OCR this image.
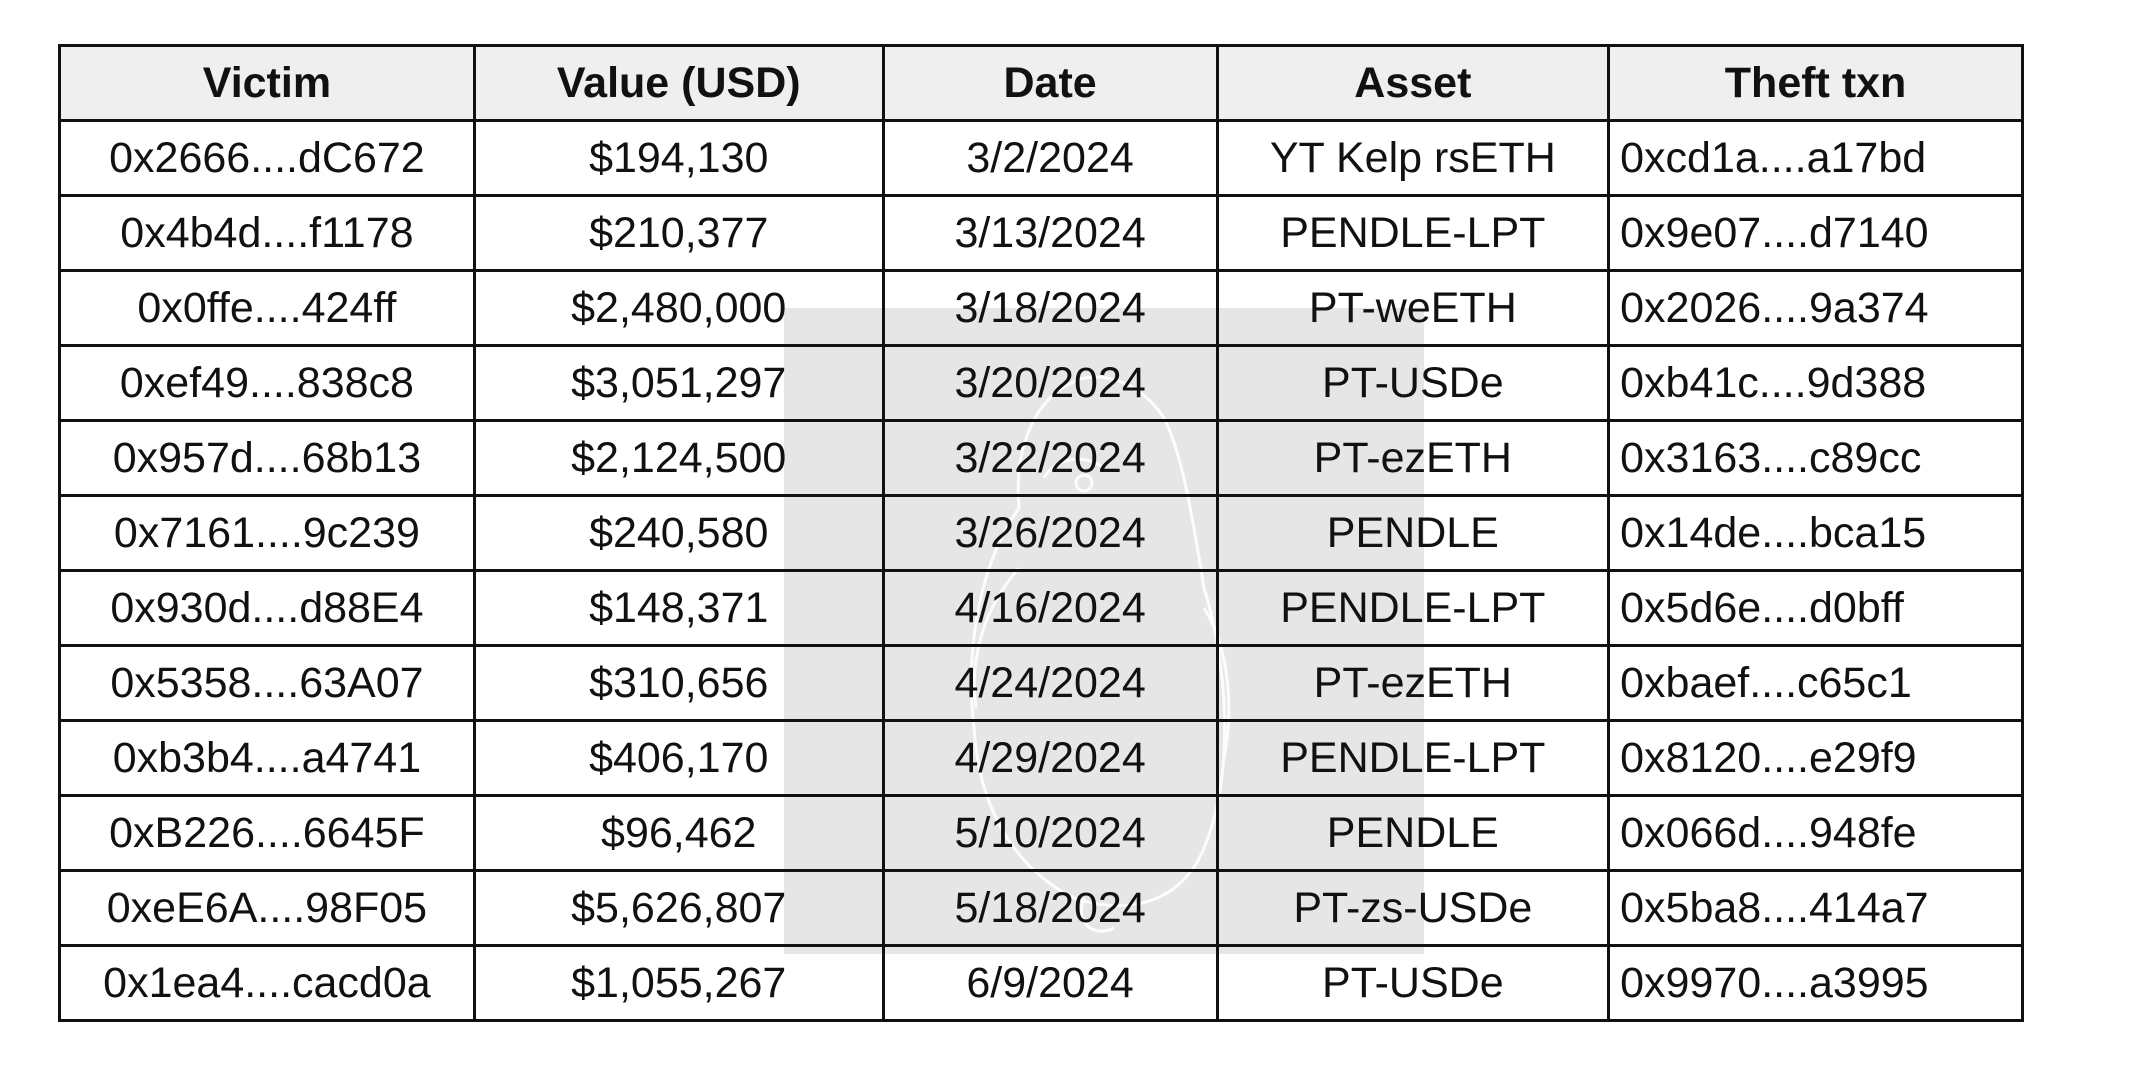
Victim	Value (USD)	Date	Asset	Theft txn
0x2666....dC672	$194,130	3/2/2024	YT Kelp rsETH	0xcd1a....a17bd
0x4b4d....f1178	$210,377	3/13/2024	PENDLE-LPT	0x9e07....d7140
0x0ffe....424ff	$2,480,000	3/18/2024	PT-weETH	0x2026....9a374
0xef49....838c8	$3,051,297	3/20/2024	PT-USDe	0xb41c....9d388
0x957d....68b13	$2,124,500	3/22/2024	PT-ezETH	0x3163....c89cc
0x7161....9c239	$240,580	3/26/2024	PENDLE	0x14de....bca15
0x930d....d88E4	$148,371	4/16/2024	PENDLE-LPT	0x5d6e....d0bff
0x5358....63A07	$310,656	4/24/2024	PT-ezETH	0xbaef....c65c1
0xb3b4....a4741	$406,170	4/29/2024	PENDLE-LPT	0x8120....e29f9
0xB226....6645F	$96,462	5/10/2024	PENDLE	0x066d....948fe
0xeE6A....98F05	$5,626,807	5/18/2024	PT-zs-USDe	0x5ba8....414a7
0x1ea4....cacd0a	$1,055,267	6/9/2024	PT-USDe	0x9970....a3995
